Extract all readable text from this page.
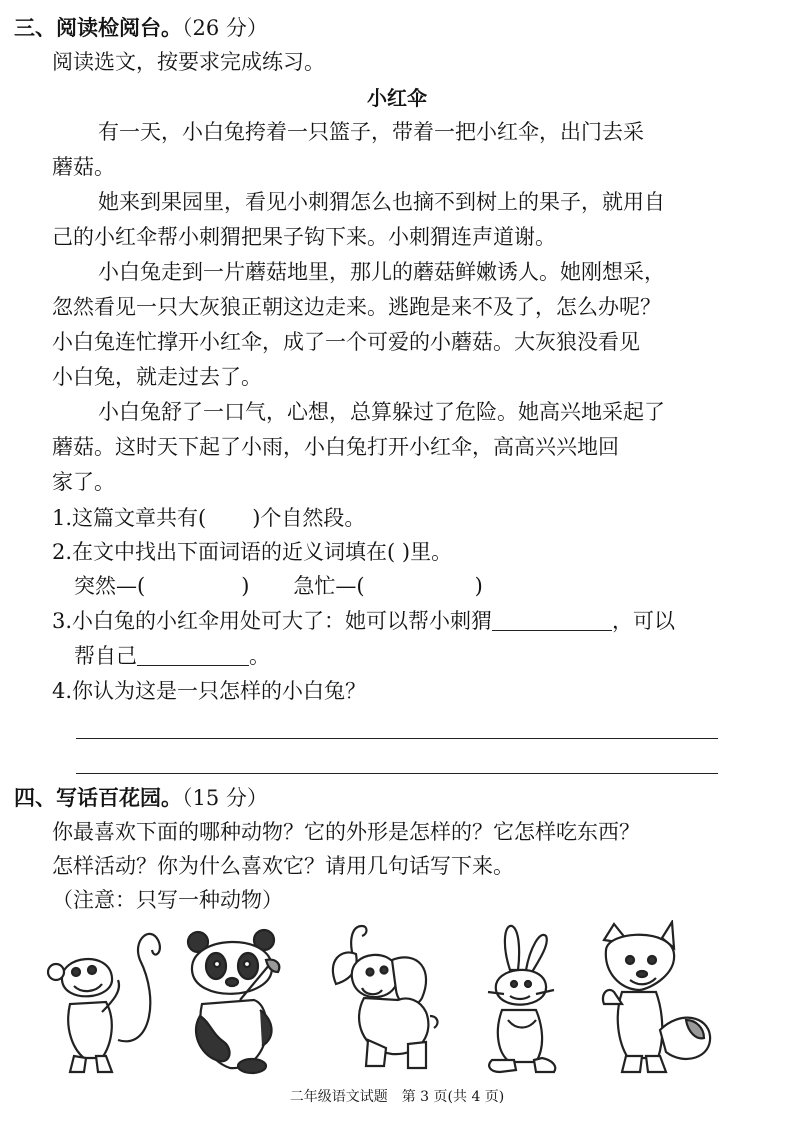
三、阅读检阅台。（26 分）
阅读选文，按要求完成练习。
小红伞
有一天，小白兔挎着一只篮子，带着一把小红伞，出门去采
蘑菇。
她来到果园里，看见小刺猬怎么也摘不到树上的果子，就用自
己的小红伞帮小刺猬把果子钩下来。小刺猬连声道谢。
小白兔走到一片蘑菇地里，那儿的蘑菇鲜嫩诱人。她刚想采，
忽然看见一只大灰狼正朝这边走来。逃跑是来不及了，怎么办呢？
小白兔连忙撑开小红伞，成了一个可爱的小蘑菇。大灰狼没看见
小白兔，就走过去了。
小白兔舒了一口气，心想，总算躲过了危险。她高兴地采起了
蘑菇。这时天下起了小雨，小白兔打开小红伞，高高兴兴地回
家了。
1.这篇文章共有( )个自然段。
2.在文中找出下面词语的近义词填在( )里。
突然—(	) 急忙—(	)
3.小白兔的小红伞用处可大了：她可以帮小刺猬	，可以
帮自己	。
4.你认为这是一只怎样的小白兔？
四、写话百花园。（15 分）
你最喜欢下面的哪种动物？它的外形是怎样的？它怎样吃东西？
怎样活动？你为什么喜欢它？请用几句话写下来。
（注意：只写一种动物）
二年级语文试题　第 3 页(共 4 页)
